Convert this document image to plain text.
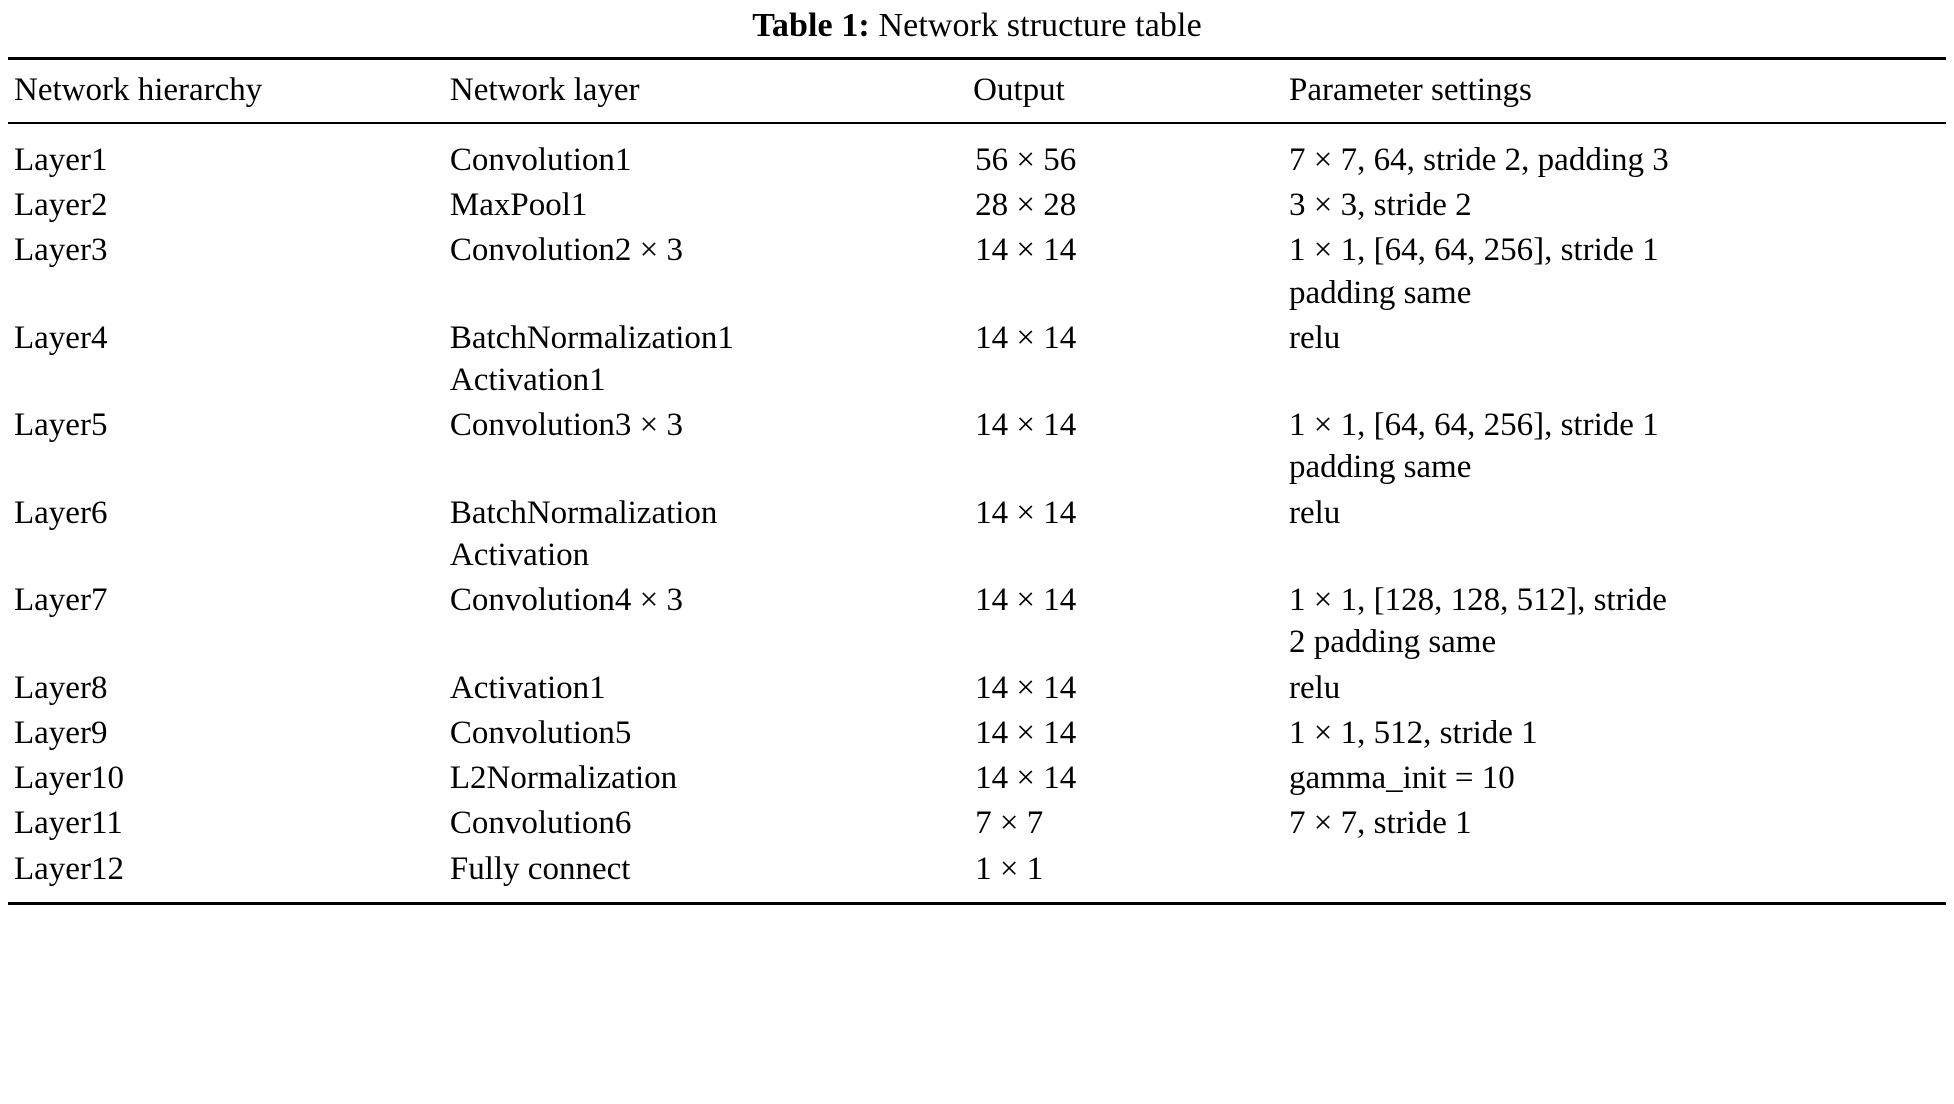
Table 1: Network structure table

Network hierarchy	Network layer	Output	Parameter settings

Layer1	Convolution1	56 × 56	7 × 7, 64, stride 2, padding 3

Layer2	MaxPool1	28 × 28	3 × 3, stride 2

Layer3	Convolution2 × 3	14 × 14	1 × 1, [64, 64, 256], stride 1
padding same

Layer4	BatchNormalization1
Activation1	14 × 14	relu

Layer5	Convolution3 × 3	14 × 14	1 × 1, [64, 64, 256], stride 1
padding same

Layer6	BatchNormalization
Activation	14 × 14	relu

Layer7	Convolution4 × 3	14 × 14	1 × 1, [128, 128, 512], stride
2 padding same

Layer8	Activation1	14 × 14	relu

Layer9	Convolution5	14 × 14	1 × 1, 512, stride 1

Layer10	L2Normalization	14 × 14	gamma_init = 10

Layer11	Convolution6	7 × 7	7 × 7, stride 1

Layer12	Fully connect	1 × 1	
